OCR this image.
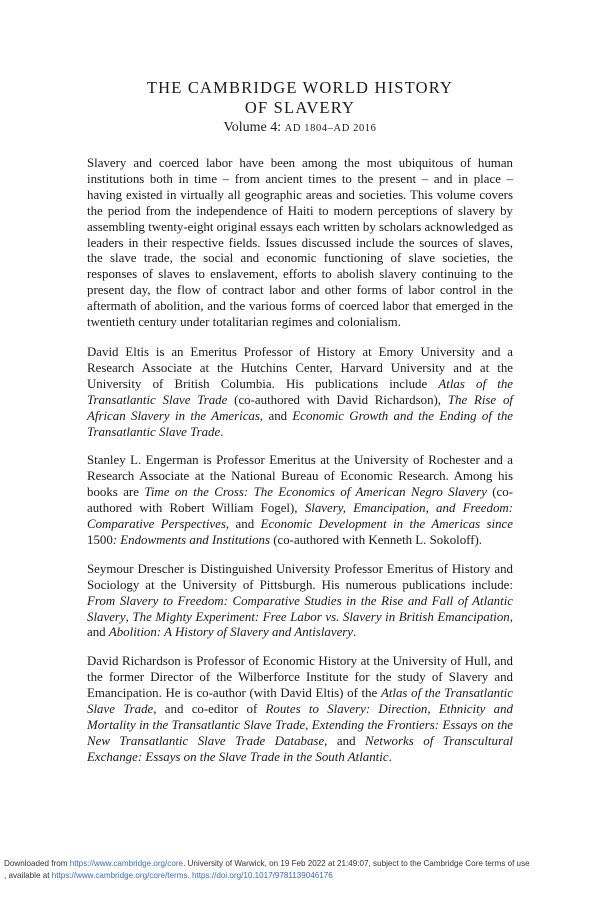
THE CAMBRIDGE WORLD HISTORY
OF SLAVERY
Volume 4: AD 1804–AD 2016

Slavery and coerced labor have been among the most ubiquitous of human institutions both in time – from ancient times to the present – and in place – having existed in virtually all geographic areas and societies. This volume covers the period from the independence of Haiti to modern perceptions of slavery by assembling twenty-eight original essays each written by scholars acknowledged as leaders in their respective fields. Issues discussed include the sources of slaves, the slave trade, the social and economic functioning of slave societies, the responses of slaves to enslavement, efforts to abolish slavery continuing to the present day, the flow of contract labor and other forms of labor control in the aftermath of abolition, and the various forms of coerced labor that emerged in the twentieth century under totalitarian regimes and colonialism.

David Eltis is an Emeritus Professor of History at Emory University and a Research Associate at the Hutchins Center, Harvard University and at the University of British Columbia. His publications include Atlas of the Transatlantic Slave Trade (co-authored with David Richardson), The Rise of African Slavery in the Americas, and Economic Growth and the Ending of the Transatlantic Slave Trade.

Stanley L. Engerman is Professor Emeritus at the University of Rochester and a Research Associate at the National Bureau of Economic Research. Among his books are Time on the Cross: The Economics of American Negro Slavery (co-authored with Robert William Fogel), Slavery, Emancipation, and Freedom: Comparative Perspectives, and Economic Development in the Americas since 1500: Endowments and Institutions (co-authored with Kenneth L. Sokoloff).

Seymour Drescher is Distinguished University Professor Emeritus of History and Sociology at the University of Pittsburgh. His numerous publications include: From Slavery to Freedom: Comparative Studies in the Rise and Fall of Atlantic Slavery, The Mighty Experiment: Free Labor vs. Slavery in British Emancipation, and Abolition: A History of Slavery and Antislavery.

David Richardson is Professor of Economic History at the University of Hull, and the former Director of the Wilberforce Institute for the study of Slavery and Emancipation. He is co-author (with David Eltis) of the Atlas of the Transatlantic Slave Trade, and co-editor of Routes to Slavery: Direction, Ethnicity and Mortality in the Transatlantic Slave Trade, Extending the Frontiers: Essays on the New Transatlantic Slave Trade Database, and Networks of Transcultural Exchange: Essays on the Slave Trade in the South Atlantic.

Downloaded from https://www.cambridge.org/core. University of Warwick, on 19 Feb 2022 at 21:49:07, subject to the Cambridge Core terms of use
, available at https://www.cambridge.org/core/terms. https://doi.org/10.1017/9781139046176
